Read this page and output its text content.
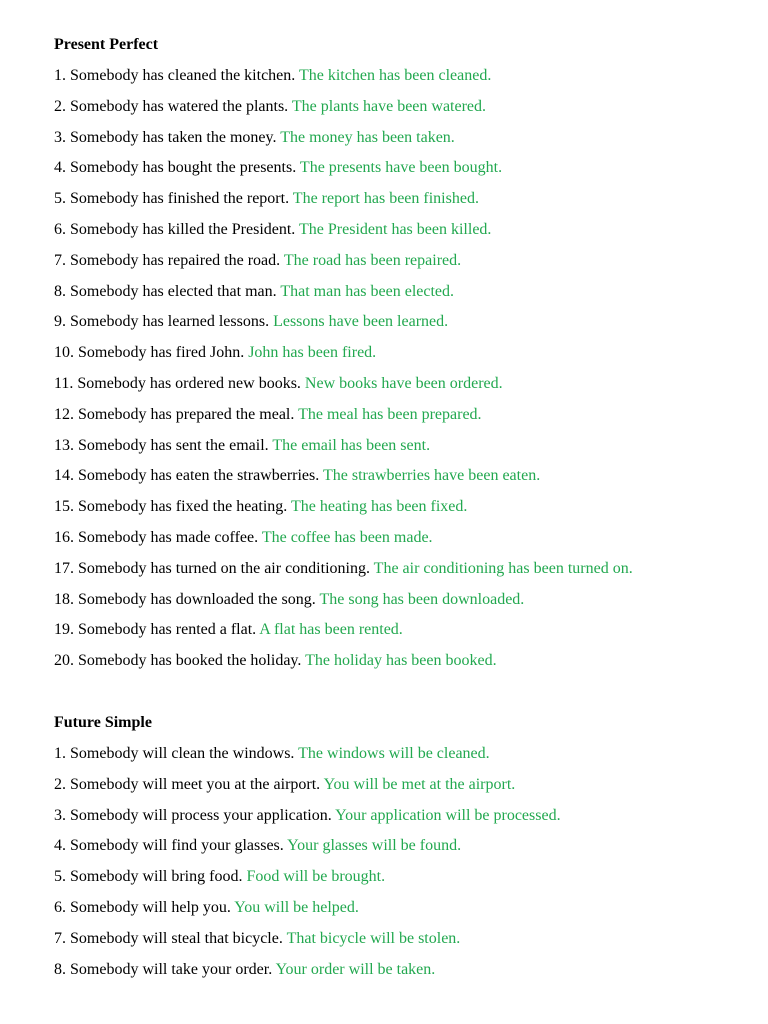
Present Perfect
1. Somebody has cleaned the kitchen. The kitchen has been cleaned.
2. Somebody has watered the plants. The plants have been watered.
3. Somebody has taken the money. The money has been taken.
4. Somebody has bought the presents. The presents have been bought.
5. Somebody has finished the report. The report has been finished.
6. Somebody has killed the President. The President has been killed.
7. Somebody has repaired the road. The road has been repaired.
8. Somebody has elected that man. That man has been elected.
9. Somebody has learned lessons. Lessons have been learned.
10. Somebody has fired John. John has been fired.
11. Somebody has ordered new books. New books have been ordered.
12. Somebody has prepared the meal. The meal has been prepared.
13. Somebody has sent the email. The email has been sent.
14. Somebody has eaten the strawberries. The strawberries have been eaten.
15. Somebody has fixed the heating. The heating has been fixed.
16. Somebody has made coffee. The coffee has been made.
17. Somebody has turned on the air conditioning. The air conditioning has been turned on.
18. Somebody has downloaded the song. The song has been downloaded.
19. Somebody has rented a flat. A flat has been rented.
20. Somebody has booked the holiday. The holiday has been booked.
Future Simple
1. Somebody will clean the windows. The windows will be cleaned.
2. Somebody will meet you at the airport. You will be met at the airport.
3. Somebody will process your application. Your application will be processed.
4. Somebody will find your glasses. Your glasses will be found.
5. Somebody will bring food. Food will be brought.
6. Somebody will help you. You will be helped.
7. Somebody will steal that bicycle. That bicycle will be stolen.
8. Somebody will take your order. Your order will be taken.
